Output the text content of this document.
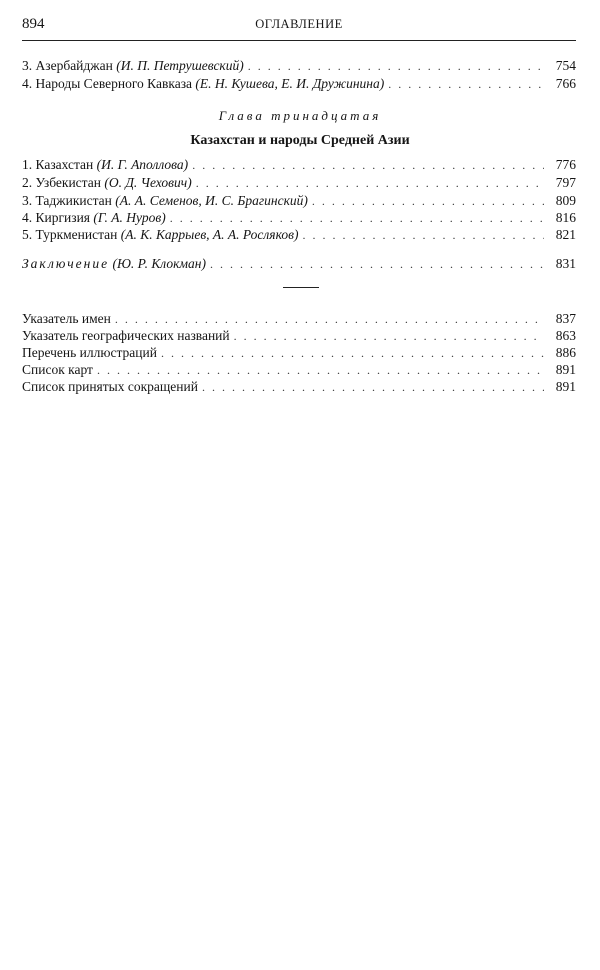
894	ОГЛАВЛЕНИЕ
3. Азербайджан (И. П. Петрушевский) . . .	754
4. Народы Северного Кавказа (Е. Н. Кушева, Е. И. Дружинина) . . .	766
Глава тринадцатая
Казахстан и народы Средней Азии
1. Казахстан (И. Г. Аполлова) . . .	776
2. Узбекистан (О. Д. Чехович) . . .	797
3. Таджикистан (А. А. Семенов, И. С. Брагинский) . . .	809
4. Киргизия (Г. А. Нуров) . . .	816
5. Туркменистан (А. К. Каррыев, А. А. Росляков) . . .	821
Заключение (Ю. Р. Клокман) . . .	831
Указатель имен . . .	837
Указатель географических названий . . .	863
Перечень иллюстраций . . .	886
Список карт . . .	891
Список принятых сокращений . . .	891
